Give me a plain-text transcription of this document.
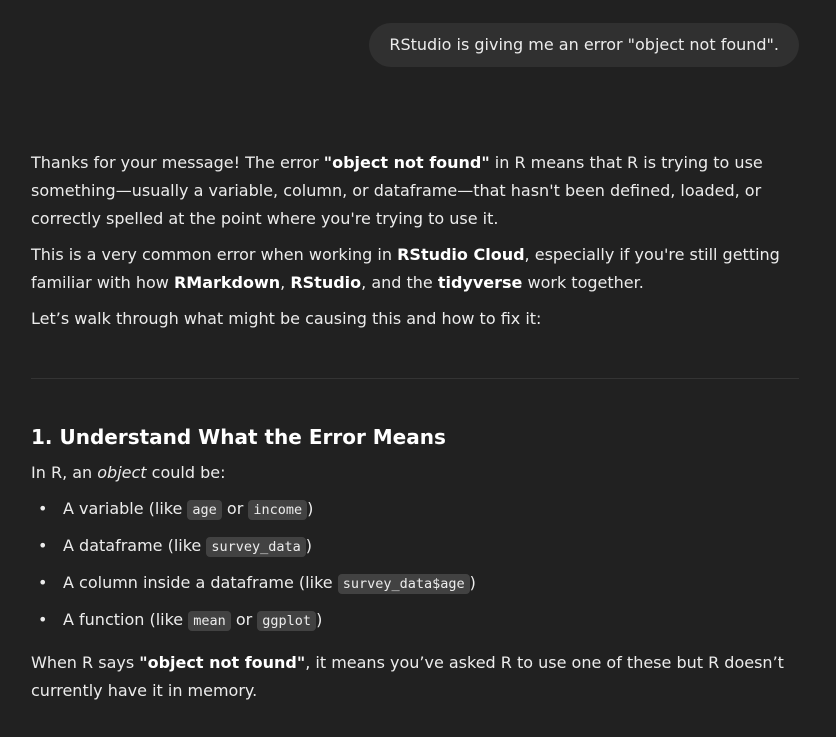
RStudio is giving me an error "object not found".

Thanks for your message! The error "object not found" in R means that R is trying to use something—usually a variable, column, or dataframe—that hasn't been defined, loaded, or correctly spelled at the point where you're trying to use it.

This is a very common error when working in RStudio Cloud, especially if you're still getting familiar with how RMarkdown, RStudio, and the tidyverse work together.

Let’s walk through what might be causing this and how to fix it:

1. Understand What the Error Means

In R, an object could be:

• A variable (like age or income )
• A dataframe (like survey_data )
• A column inside a dataframe (like survey_data$age )
• A function (like mean or ggplot )

When R says "object not found", it means you’ve asked R to use one of these but R doesn’t currently have it in memory.
